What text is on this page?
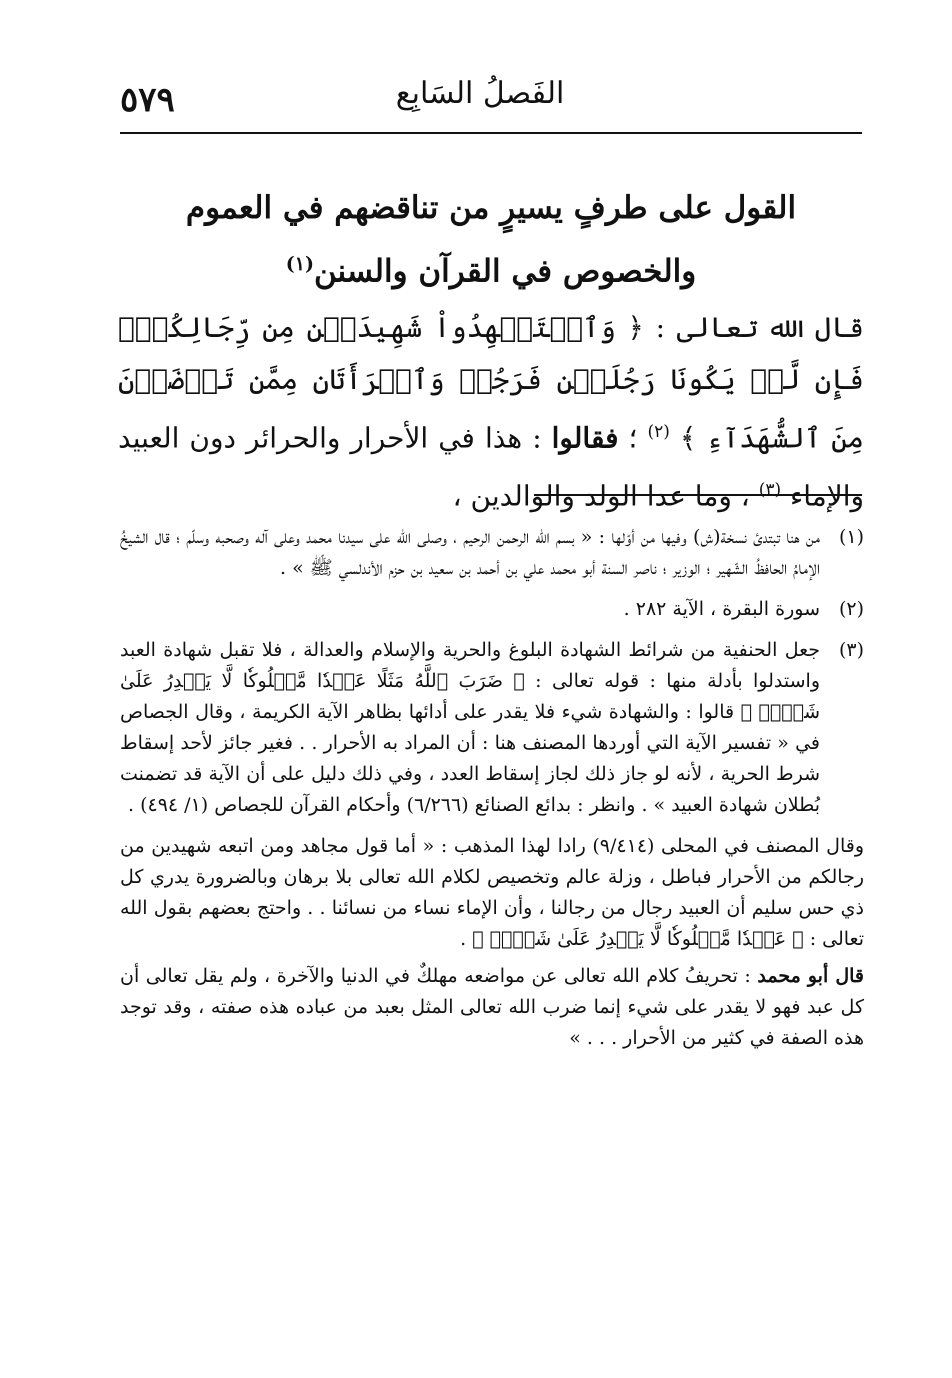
الفَصلُ السَابِع
٥٧٩
القول على طرفٍ يسيرٍ من تناقضهم في العموم
والخصوص في القرآن والسنن$^{(١)}$

قال الله تعالى : ﴿ وَٱسۡتَشۡهِدُواْ شَهِيدَيۡنِ مِن رِّجَالِكُمۡۖ فَإِن لَّمۡ يَكُونَا رَجُلَيۡنِ فَرَجُلٞ وَٱمۡرَأَتَانِ مِمَّن تَرۡضَوۡنَ مِنَ ٱلشُّهَدَآءِ ﴾ $^{(٢)}$ ؛ فقالوا : هذا في الأحرار والحرائر دون العبيد والإماء $^{(٣)}$ ، وما عدا الولد والوالدين ،

(١)
من هنا تبتدئ نسخة(ش) وفيها من أوّلها : « بسم الله الرحمن الرحيم ، وصلى الله على سيدنا محمد وعلى آله وصحبه وسلّم ؛ قال الشيخُ الإمامُ الحافظُ الشّهير ؛ الوزير ؛ ناصر السنة أبو محمد علي بن أحمد بن سعيد بن حزم الأندلسي ﷺ » .
(٢)
سورة البقرة ، الآية ٢٨٢ .
(٣)
جعل الحنفية من شرائط الشهادة البلوغ والحرية والإسلام والعدالة ، فلا تقبل شهادة العبد واستدلوا بأدلة منها : قوله تعالى : ﴿ ضَرَبَ ٱللَّهُ مَثَلًا عَبۡدٗا مَّمۡلُوكٗا لَّا يَقۡدِرُ عَلَىٰ شَيۡءٖ ﴾ قالوا : والشهادة شيء فلا يقدر على أدائها بظاهر الآية الكريمة ، وقال الجصاص في « تفسير الآية التي أوردها المصنف هنا : أن المراد به الأحرار . . فغير جائز لأحد إسقاط شرط الحرية ، لأنه لو جاز ذلك لجاز إسقاط العدد ، وفي ذلك دليل على أن الآية قد تضمنت بُطلان شهادة العبيد » . وانظر : بدائع الصنائع (٦/٢٦٦) وأحكام القرآن للجصاص (١/ ٤٩٤) .

وقال المصنف في المحلى (٩/٤١٤) رادا لهذا المذهب : « أما قول مجاهد ومن اتبعه شهيدين من رجالكم من الأحرار فباطل ، وزلة عالم وتخصيص لكلام الله تعالى بلا برهان وبالضرورة يدري كل ذي حس سليم أن العبيد رجال من رجالنا ، وأن الإماء نساء من نسائنا . . واحتج بعضهم بقول الله تعالى : ﴿ عَبۡدٗا مَّمۡلُوكٗا لَّا يَقۡدِرُ عَلَىٰ شَيۡءٖ ﴾ .

قال أبو محمد : تحريفُ كلام الله تعالى عن مواضعه مهلكٌ في الدنيا والآخرة ، ولم يقل تعالى أن كل عبد فهو لا يقدر على شيء إنما ضرب الله تعالى المثل بعبد من عباده هذه صفته ، وقد توجد هذه الصفة في كثير من الأحرار . . . »
